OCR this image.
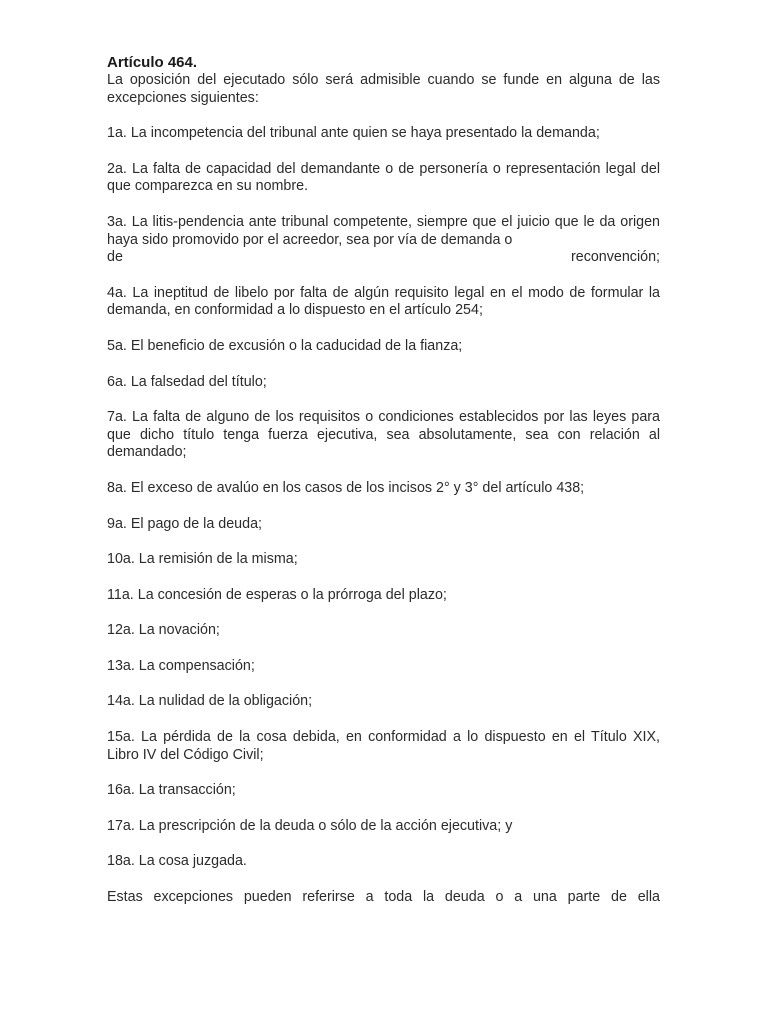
Artículo 464.

La oposición del ejecutado sólo será admisible cuando se funde en alguna de las excepciones siguientes:

1a. La incompetencia del tribunal ante quien se haya presentado la demanda;

2a. La falta de capacidad del demandante o de personería o representación legal del que comparezca en su nombre.

3a. La litis-pendencia ante tribunal competente, siempre que el juicio que le da origen haya sido promovido por el acreedor, sea por vía de demanda o
de	reconvención;

4a. La ineptitud de libelo por falta de algún requisito legal en el modo de formular la demanda, en conformidad a lo dispuesto en el artículo 254;

5a. El beneficio de excusión o la caducidad de la fianza;

6a. La falsedad del título;

7a. La falta de alguno de los requisitos o condiciones establecidos por las leyes para que dicho título tenga fuerza ejecutiva, sea absolutamente, sea con relación al demandado;

8a. El exceso de avalúo en los casos de los incisos 2° y 3° del artículo 438;

9a. El pago de la deuda;

10a. La remisión de la misma;

11a. La concesión de esperas o la prórroga del plazo;

12a. La novación;

13a. La compensación;

14a. La nulidad de la obligación;

15a. La pérdida de la cosa debida, en conformidad a lo dispuesto en el Título XIX, Libro IV del Código Civil;

16a. La transacción;

17a. La prescripción de la deuda o sólo de la acción ejecutiva; y

18a. La cosa juzgada.

Estas excepciones pueden referirse a toda la deuda o a una parte de ella
